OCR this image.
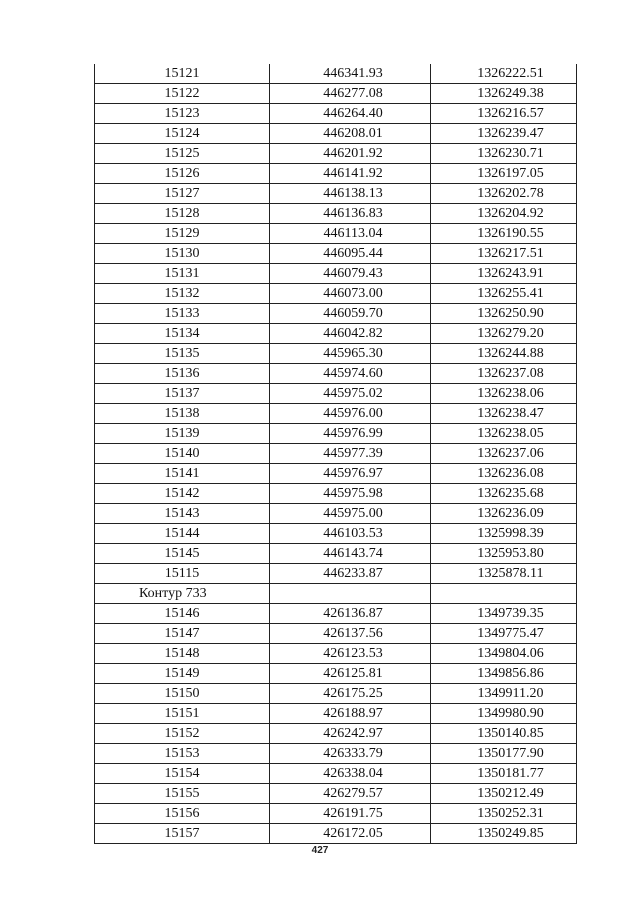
15121	446341.93	1326222.51
15122	446277.08	1326249.38
15123	446264.40	1326216.57
15124	446208.01	1326239.47
15125	446201.92	1326230.71
15126	446141.92	1326197.05
15127	446138.13	1326202.78
15128	446136.83	1326204.92
15129	446113.04	1326190.55
15130	446095.44	1326217.51
15131	446079.43	1326243.91
15132	446073.00	1326255.41
15133	446059.70	1326250.90
15134	446042.82	1326279.20
15135	445965.30	1326244.88
15136	445974.60	1326237.08
15137	445975.02	1326238.06
15138	445976.00	1326238.47
15139	445976.99	1326238.05
15140	445977.39	1326237.06
15141	445976.97	1326236.08
15142	445975.98	1326235.68
15143	445975.00	1326236.09
15144	446103.53	1325998.39
15145	446143.74	1325953.80
15115	446233.87	1325878.11
Контур 733		
15146	426136.87	1349739.35
15147	426137.56	1349775.47
15148	426123.53	1349804.06
15149	426125.81	1349856.86
15150	426175.25	1349911.20
15151	426188.97	1349980.90
15152	426242.97	1350140.85
15153	426333.79	1350177.90
15154	426338.04	1350181.77
15155	426279.57	1350212.49
15156	426191.75	1350252.31
15157	426172.05	1350249.85
427
